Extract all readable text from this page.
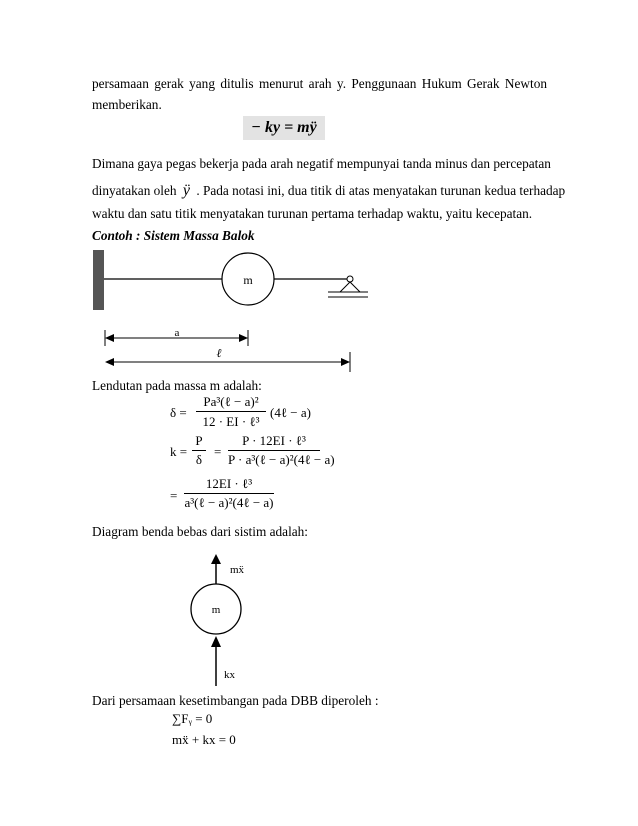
persamaan gerak yang ditulis menurut arah y. Penggunaan Hukum Gerak Newton
memberikan.
− ky = mÿ
Dimana gaya pegas bekerja pada arah negatif mempunyai tanda minus dan percepatan
dinyatakan oleh ÿ . Pada notasi ini, dua titik di atas menyatakan turunan kedua terhadap
waktu dan satu titik menyatakan turunan pertama terhadap waktu, yaitu kecepatan.
Contoh : Sistem Massa Balok
m
a
ℓ
Lendutan pada massa m adalah:
δ =
Pa³(ℓ − a)²
12 · EI · ℓ³
(4ℓ − a)
k =
P
δ
=
P · 12EI · ℓ³
P · a³(ℓ − a)²(4ℓ − a)
=
12EI · ℓ³
a³(ℓ − a)²(4ℓ − a)
Diagram benda bebas dari sistim adalah:
mẍ
m
kx
Dari persamaan kesetimbangan pada DBB diperoleh :
∑Fᵧ = 0
mẍ + kx = 0
